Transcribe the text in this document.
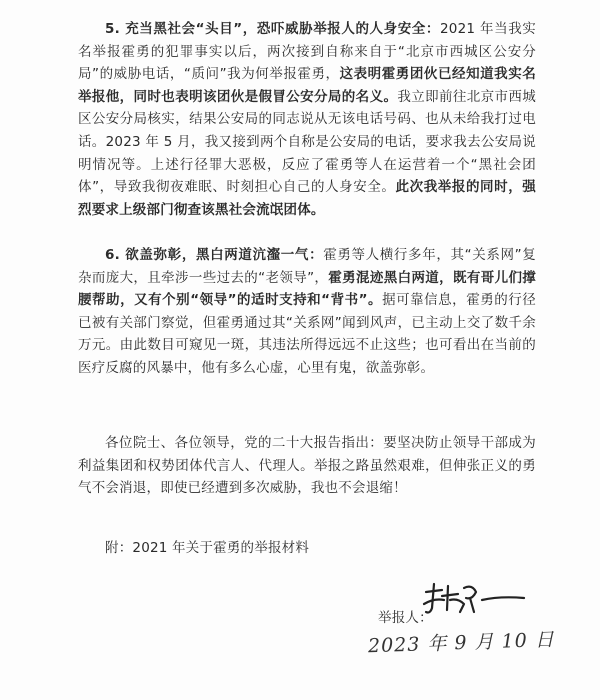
5. 充当黑社会“头目”，恐吓威胁举报人的人身安全：2021 年当我实名举报霍勇的犯罪事实以后，两次接到自称来自于“北京市西城区公安分局”的威胁电话，“质问”我为何举报霍勇，这表明霍勇团伙已经知道我实名举报他，同时也表明该团伙是假冒公安分局的名义。我立即前往北京市西城区公安分局核实，结果公安局的同志说从无该电话号码、也从未给我打过电话。2023 年 5 月，我又接到两个自称是公安局的电话，要求我去公安局说明情况等。上述行径罪大恶极，反应了霍勇等人在运营着一个“黑社会团体”，导致我彻夜难眠、时刻担心自己的人身安全。此次我举报的同时，强烈要求上级部门彻查该黑社会流氓团体。

6. 欲盖弥彰，黑白两道沆瀣一气：霍勇等人横行多年，其“关系网”复杂而庞大，且牵涉一些过去的“老领导”，霍勇混迹黑白两道，既有哥儿们撑腰帮助，又有个别“领导”的适时支持和“背书”。据可靠信息，霍勇的行径已被有关部门察觉，但霍勇通过其“关系网”闻到风声，已主动上交了数千余万元。由此数目可窥见一斑，其违法所得远远不止这些；也可看出在当前的医疗反腐的风暴中，他有多么心虚，心里有鬼，欲盖弥彰。

各位院士、各位领导，党的二十大报告指出：要坚决防止领导干部成为利益集团和权势团体代言人、代理人。举报之路虽然艰难，但伸张正义的勇气不会消退，即使已经遭到多次威胁，我也不会退缩！

附：2021 年关于霍勇的举报材料

举报人：

2023 年 9 月 10 日
